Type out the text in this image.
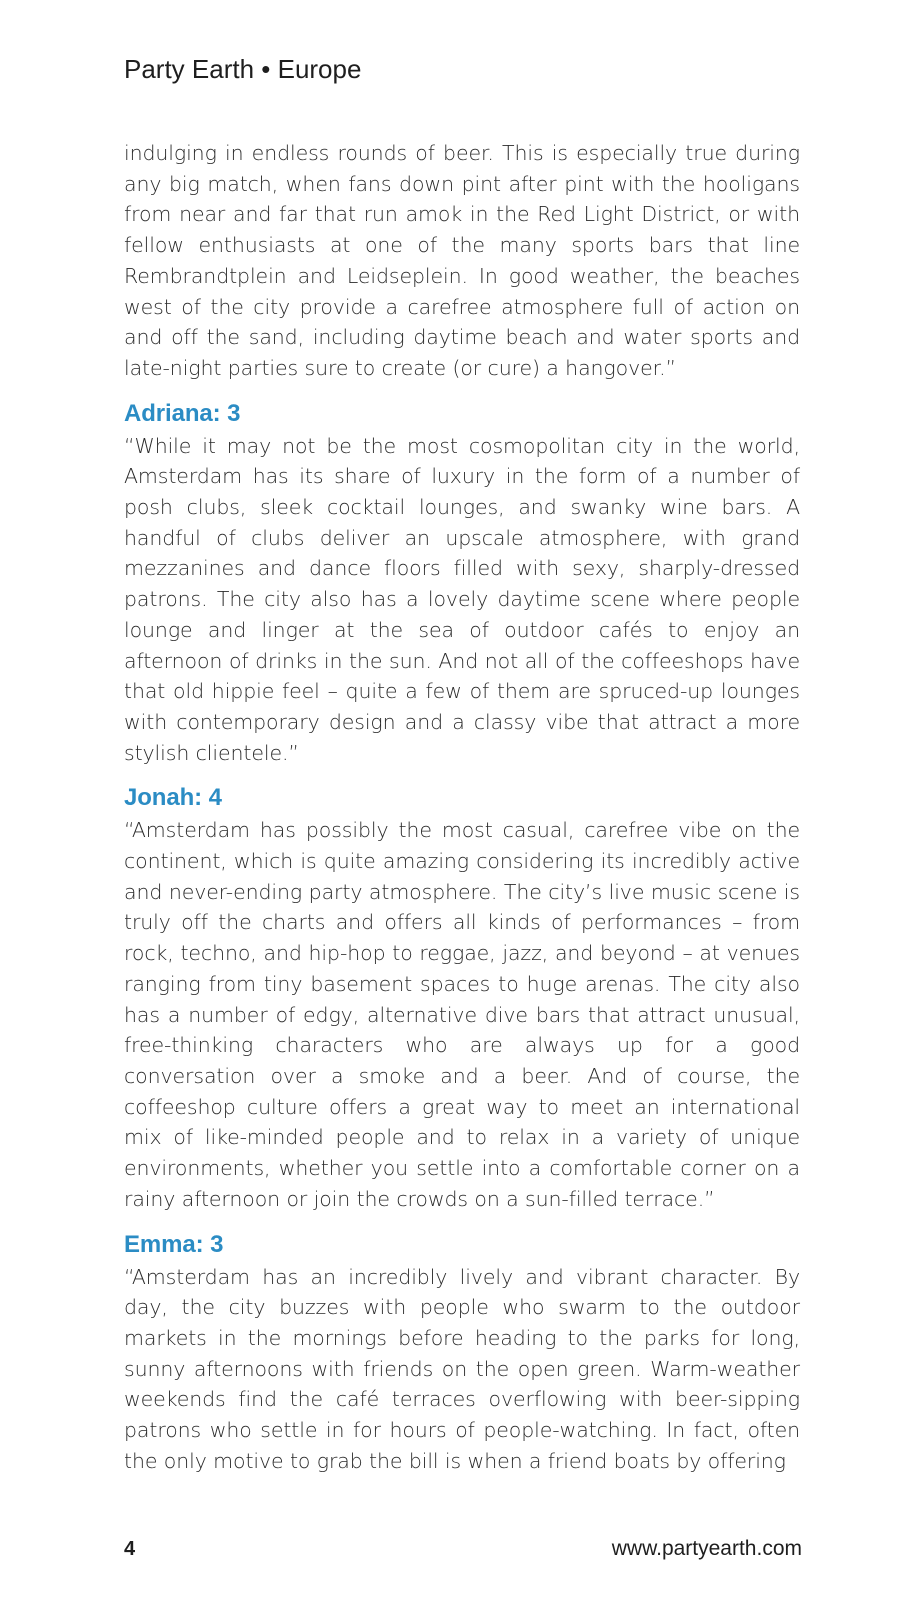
Party Earth • Europe

indulging in endless rounds of beer. This is especially true during any big match, when fans down pint after pint with the hooligans from near and far that run amok in the Red Light District, or with fellow enthusiasts at one of the many sports bars that line Rembrandtplein and Leidseplein. In good weather, the beaches west of the city provide a carefree atmosphere full of action on and off the sand, including daytime beach and water sports and late-night parties sure to create (or cure) a hangover.”

Adriana: 3

“While it may not be the most cosmopolitan city in the world, Amsterdam has its share of luxury in the form of a number of posh clubs, sleek cocktail lounges, and swanky wine bars. A handful of clubs deliver an upscale atmosphere, with grand mezzanines and dance floors filled with sexy, sharply-dressed patrons. The city also has a lovely daytime scene where people lounge and linger at the sea of outdoor cafés to enjoy an afternoon of drinks in the sun. And not all of the coffeeshops have that old hippie feel – quite a few of them are spruced-up lounges with contemporary design and a classy vibe that attract a more stylish clientele.”

Jonah: 4

“Amsterdam has possibly the most casual, carefree vibe on the continent, which is quite amazing considering its incredibly active and never-ending party atmosphere. The city’s live music scene is truly off the charts and offers all kinds of performances – from rock, techno, and hip-hop to reggae, jazz, and beyond – at venues ranging from tiny basement spaces to huge arenas. The city also has a number of edgy, alternative dive bars that attract unusual, free-thinking characters who are always up for a good conversation over a smoke and a beer. And of course, the coffeeshop culture offers a great way to meet an international mix of like-minded people and to relax in a variety of unique environments, whether you settle into a comfortable corner on a rainy afternoon or join the crowds on a sun-filled terrace.”

Emma: 3

“Amsterdam has an incredibly lively and vibrant character. By day, the city buzzes with people who swarm to the outdoor markets in the mornings before heading to the parks for long, sunny afternoons with friends on the open green. Warm-weather weekends find the café terraces overflowing with beer-sipping patrons who settle in for hours of people-watching. In fact, often the only motive to grab the bill is when a friend boats by offering

4	www.partyearth.com
